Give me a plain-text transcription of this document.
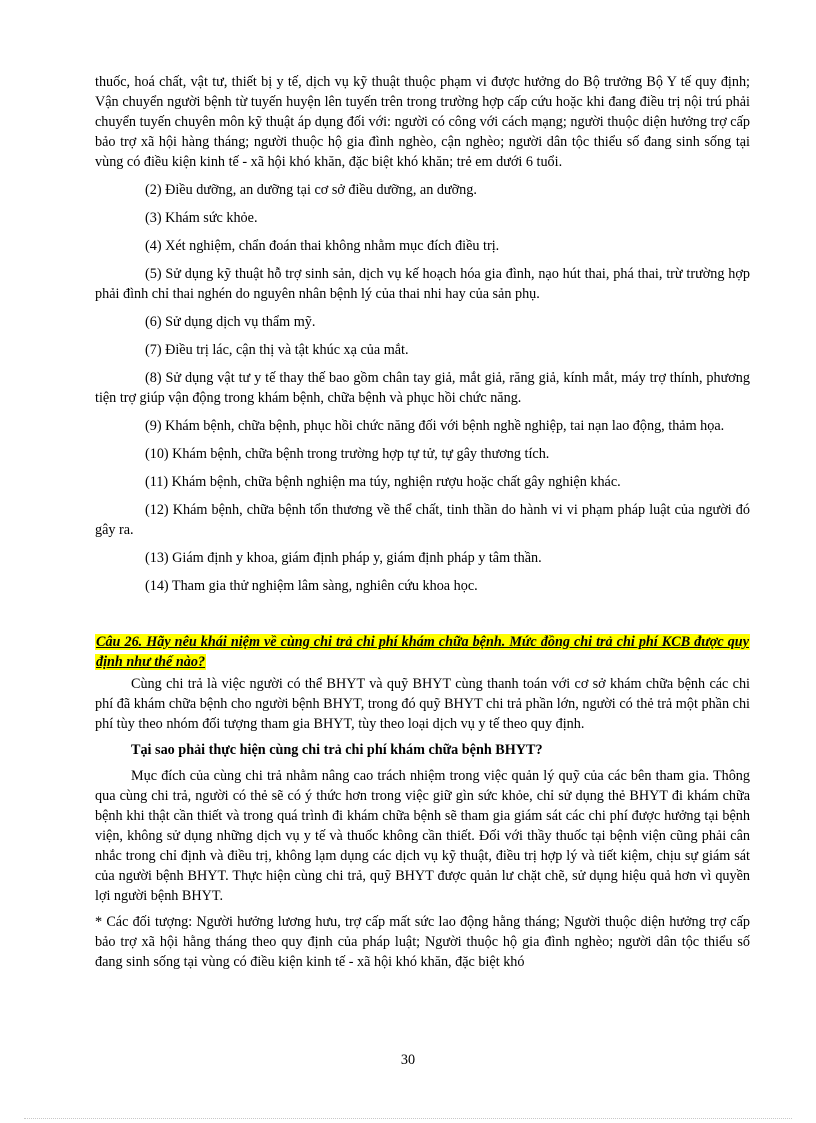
thuốc, hoá chất, vật tư, thiết bị y tế, dịch vụ kỹ thuật thuộc phạm vi được hưởng do Bộ trưởng Bộ Y tế quy định; Vận chuyển người bệnh từ tuyến huyện lên tuyến trên trong trường hợp cấp cứu hoặc khi đang điều trị nội trú phải chuyển tuyến chuyên môn kỹ thuật áp dụng đối với: người có công với cách mạng; người thuộc diện hưởng trợ cấp bảo trợ xã hội hàng tháng; người thuộc hộ gia đình nghèo, cận nghèo; người dân tộc thiểu số đang sinh sống tại vùng có điều kiện kinh tế - xã hội khó khăn, đặc biệt khó khăn; trẻ em dưới 6 tuổi.

(2) Điều dưỡng, an dưỡng tại cơ sở điều dưỡng, an dưỡng.

(3) Khám sức khỏe.

(4) Xét nghiệm, chẩn đoán thai không nhằm mục đích điều trị.

(5) Sử dụng kỹ thuật hỗ trợ sinh sản, dịch vụ kế hoạch hóa gia đình, nạo hút thai, phá thai, trừ trường hợp phải đình chỉ thai nghén do nguyên nhân bệnh lý của thai nhi hay của sản phụ.

(6) Sử dụng dịch vụ thẩm mỹ.

(7) Điều trị lác, cận thị và tật khúc xạ của mắt.

(8) Sử dụng vật tư y tế thay thế bao gồm chân tay giả, mắt giả, răng giả, kính mắt, máy trợ thính, phương tiện trợ giúp vận động trong khám bệnh, chữa bệnh và phục hồi chức năng.

(9) Khám bệnh, chữa bệnh, phục hồi chức năng đối với bệnh nghề nghiệp, tai nạn lao động, thảm họa.

(10) Khám bệnh, chữa bệnh trong trường hợp tự tử, tự gây thương tích.

(11) Khám bệnh, chữa bệnh nghiện ma túy, nghiện rượu hoặc chất gây nghiện khác.

(12) Khám bệnh, chữa bệnh tổn thương về thể chất, tinh thần do hành vi vi phạm pháp luật của người đó gây ra.

(13) Giám định y khoa, giám định pháp y, giám định pháp y tâm thần.

(14) Tham gia thử nghiệm lâm sàng, nghiên cứu khoa học.

Câu 26. Hãy nêu khái niệm về cùng chi trả chi phí khám chữa bệnh. Mức đồng chi trả chi phí KCB được quy định như thế nào?

Cùng chi trả là việc người có thể BHYT và quỹ BHYT cùng thanh toán với cơ sở khám chữa bệnh các chi phí đã khám chữa bệnh cho người bệnh BHYT, trong đó quỹ BHYT chi trả phần lớn, người có thẻ trả một phần chi phí tùy theo nhóm đối tượng tham gia BHYT, tùy theo loại dịch vụ y tế theo quy định.

Tại sao phải thực hiện cùng chi trả chi phí khám chữa bệnh BHYT?

Mục đích của cùng chi trả nhằm nâng cao trách nhiệm trong việc quản lý quỹ của các bên tham gia. Thông qua cùng chi trả, người có thẻ sẽ có ý thức hơn trong việc giữ gìn sức khỏe, chỉ sử dụng thẻ BHYT đi khám chữa bệnh khi thật cần thiết và trong quá trình đi khám chữa bệnh sẽ tham gia giám sát các chi phí được hưởng tại bệnh viện, không sử dụng những dịch vụ y tế và thuốc không cần thiết. Đối với thầy thuốc tại bệnh viện cũng phải cân nhắc trong chỉ định và điều trị, không lạm dụng các dịch vụ kỹ thuật, điều trị hợp lý và tiết kiệm, chịu sự giám sát của người bệnh BHYT. Thực hiện cùng chi trả, quỹ BHYT được quản lư chặt chẽ, sử dụng hiệu quả hơn vì quyền lợi người bệnh BHYT.

* Các đối tượng: Người hưởng lương hưu, trợ cấp mất sức lao động hằng tháng; Người thuộc diện hưởng trợ cấp bảo trợ xã hội hằng tháng theo quy định của pháp luật; Người thuộc hộ gia đình nghèo; người dân tộc thiểu số đang sinh sống tại vùng có điều kiện kinh tế - xã hội khó khăn, đặc biệt khó

30
